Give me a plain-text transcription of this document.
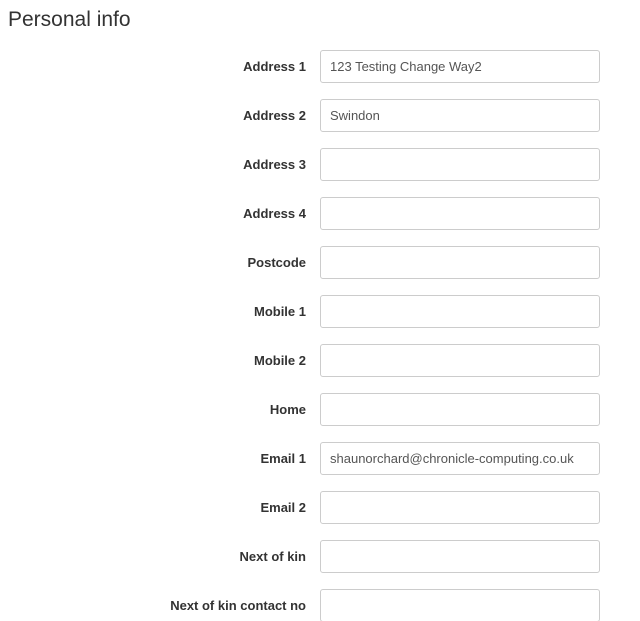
Personal info
Address 1
123 Testing Change Way2
Address 2
Swindon
Address 3
Address 4
Postcode
Mobile 1
Mobile 2
Home
Email 1
shaunorchard@chronicle-computing.co.uk
Email 2
Next of kin
Next of kin contact no
